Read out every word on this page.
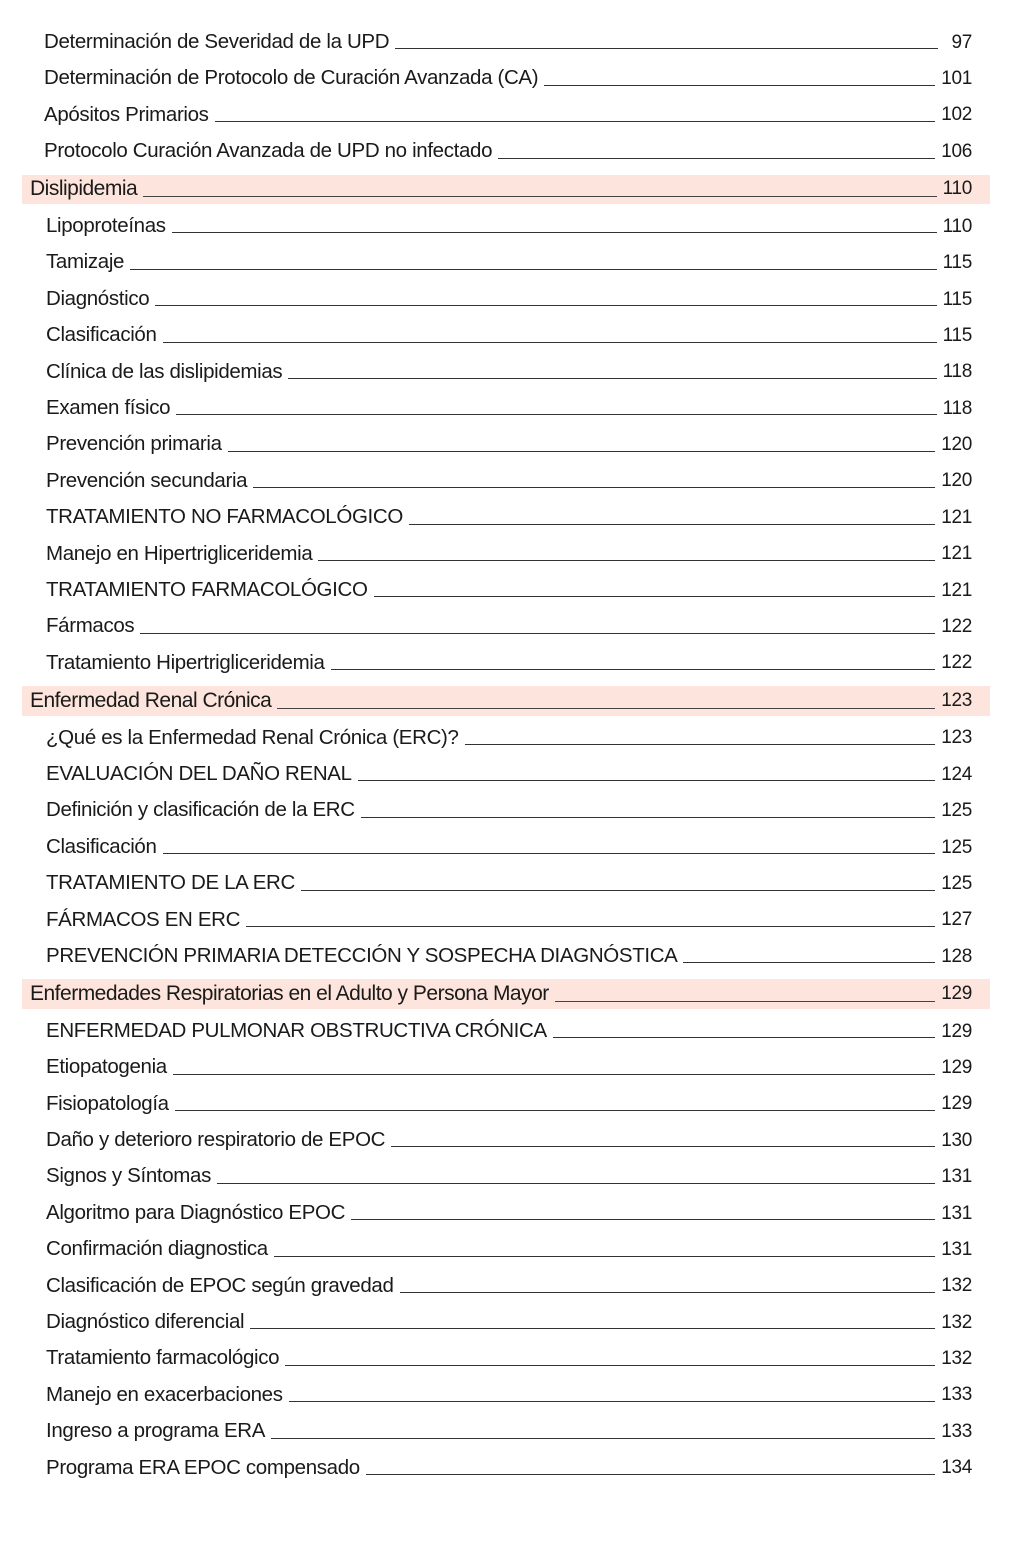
Determinación de Severidad de la UPD	97
Determinación de Protocolo de Curación Avanzada (CA)	101
Apósitos Primarios	102
Protocolo Curación Avanzada de UPD no infectado	106
Dislipidemia	110
Lipoproteínas	110
Tamizaje	115
Diagnóstico	115
Clasificación	115
Clínica de las dislipidemias	118
Examen físico	118
Prevención primaria	120
Prevención secundaria	120
TRATAMIENTO NO FARMACOLÓGICO	121
Manejo en Hipertrigliceridemia	121
TRATAMIENTO FARMACOLÓGICO	121
Fármacos	122
Tratamiento Hipertrigliceridemia	122
Enfermedad Renal Crónica	123
¿Qué es la Enfermedad Renal Crónica (ERC)?	123
EVALUACIÓN DEL DAÑO RENAL	124
Definición y clasificación de la ERC	125
Clasificación	125
TRATAMIENTO DE LA ERC	125
FÁRMACOS EN ERC	127
PREVENCIÓN PRIMARIA DETECCIÓN Y SOSPECHA DIAGNÓSTICA	128
Enfermedades Respiratorias en el Adulto y Persona Mayor	129
ENFERMEDAD PULMONAR OBSTRUCTIVA CRÓNICA	129
Etiopatogenia	129
Fisiopatología	129
Daño y deterioro respiratorio de EPOC	130
Signos y Síntomas	131
Algoritmo para Diagnóstico EPOC	131
Confirmación diagnostica	131
Clasificación de EPOC según gravedad	132
Diagnóstico diferencial	132
Tratamiento farmacológico	132
Manejo en exacerbaciones	133
Ingreso a programa ERA	133
Programa ERA EPOC compensado	134
